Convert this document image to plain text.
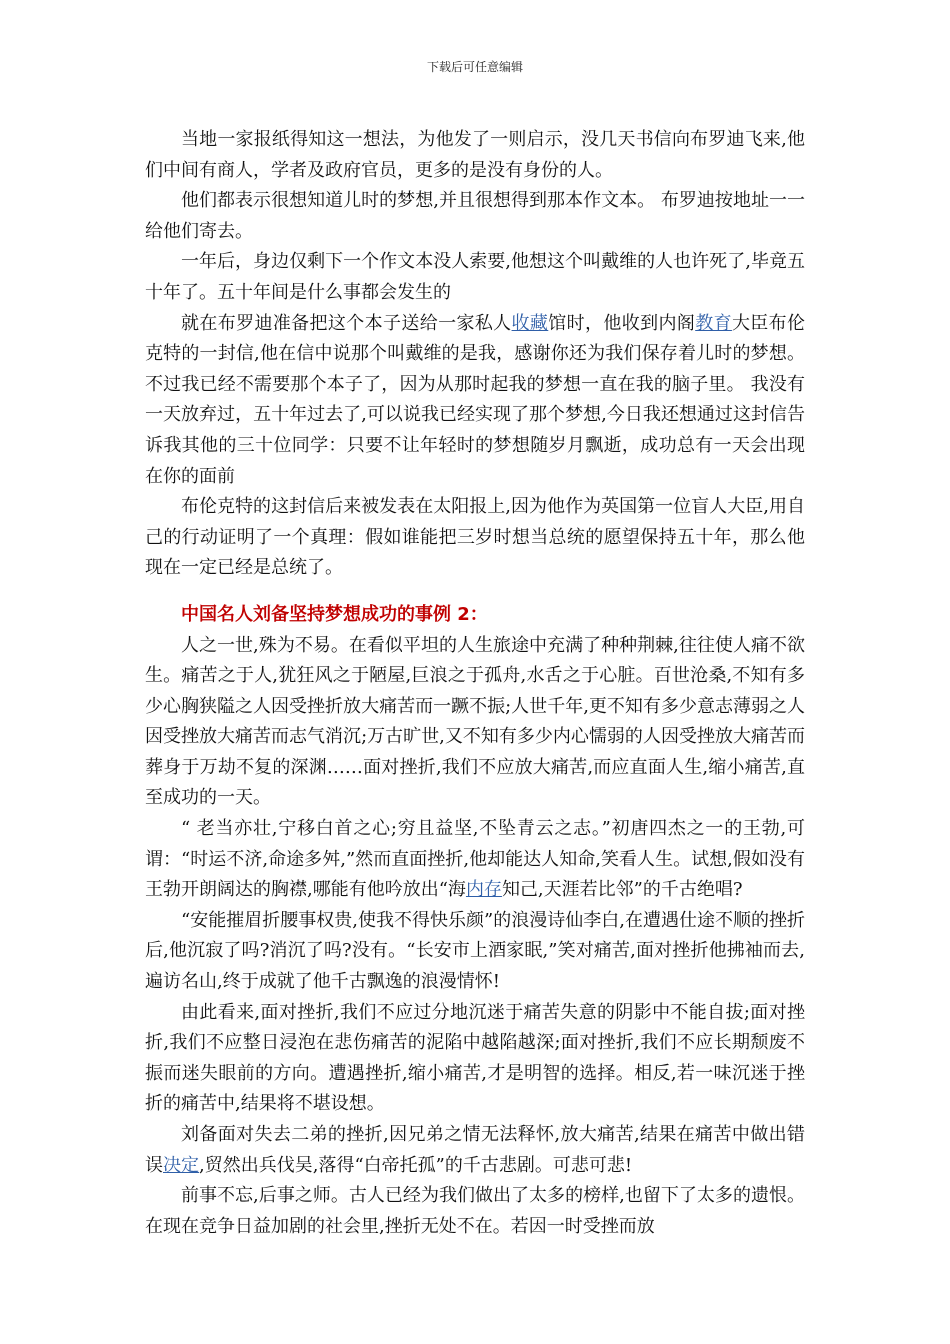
下载后可任意编辑

当地一家报纸得知这一想法，为他发了一则启示，没几天书信向布罗迪飞来,他们中间有商人，学者及政府官员，更多的是没有身份的人。

他们都表示很想知道儿时的梦想,并且很想得到那本作文本。 布罗迪按地址一一给他们寄去。

一年后，身边仅剩下一个作文本没人索要,他想这个叫戴维的人也许死了,毕竟五十年了。五十年间是什么事都会发生的

就在布罗迪准备把这个本子送给一家私人收藏馆时，他收到内阁教育大臣布伦克特的一封信,他在信中说那个叫戴维的是我，感谢你还为我们保存着儿时的梦想。 不过我已经不需要那个本子了，因为从那时起我的梦想一直在我的脑子里。 我没有一天放弃过，五十年过去了,可以说我已经实现了那个梦想,今日我还想通过这封信告诉我其他的三十位同学：只要不让年轻时的梦想随岁月飘逝，成功总有一天会出现在你的面前

布伦克特的这封信后来被发表在太阳报上,因为他作为英国第一位盲人大臣,用自己的行动证明了一个真理：假如谁能把三岁时想当总统的愿望保持五十年，那么他现在一定已经是总统了。

中国名人刘备坚持梦想成功的事例 2：

人之一世,殊为不易。在看似平坦的人生旅途中充满了种种荆棘,往往使人痛不欲生。痛苦之于人,犹狂风之于陋屋,巨浪之于孤舟,水舌之于心脏。百世沧桑,不知有多少心胸狭隘之人因受挫折放大痛苦而一蹶不振;人世千年,更不知有多少意志薄弱之人因受挫放大痛苦而志气消沉;万古旷世,又不知有多少内心懦弱的人因受挫放大痛苦而葬身于万劫不复的深渊……面对挫折,我们不应放大痛苦,而应直面人生,缩小痛苦,直至成功的一天。

“ 老当亦壮,宁移白首之心;穷且益坚,不坠青云之志。”初唐四杰之一的王勃,可谓：“时运不济,命途多舛,”然而直面挫折,他却能达人知命,笑看人生。试想,假如没有王勃开朗阔达的胸襟,哪能有他吟放出“海内存知己,天涯若比邻”的千古绝唱?

“安能摧眉折腰事权贵,使我不得快乐颜”的浪漫诗仙李白,在遭遇仕途不顺的挫折后,他沉寂了吗?消沉了吗?没有。“长安市上酒家眠,”笑对痛苦,面对挫折他拂袖而去,遍访名山,终于成就了他千古飘逸的浪漫情怀!

由此看来,面对挫折,我们不应过分地沉迷于痛苦失意的阴影中不能自拔;面对挫折,我们不应整日浸泡在悲伤痛苦的泥陷中越陷越深;面对挫折,我们不应长期颓废不振而迷失眼前的方向。遭遇挫折,缩小痛苦,才是明智的选择。相反,若一味沉迷于挫折的痛苦中,结果将不堪设想。

刘备面对失去二弟的挫折,因兄弟之情无法释怀,放大痛苦,结果在痛苦中做出错误决定,贸然出兵伐吴,落得“白帝托孤”的千古悲剧。可悲可悲!

前事不忘,后事之师。古人已经为我们做出了太多的榜样,也留下了太多的遗恨。在现在竞争日益加剧的社会里,挫折无处不在。若因一时受挫而放
